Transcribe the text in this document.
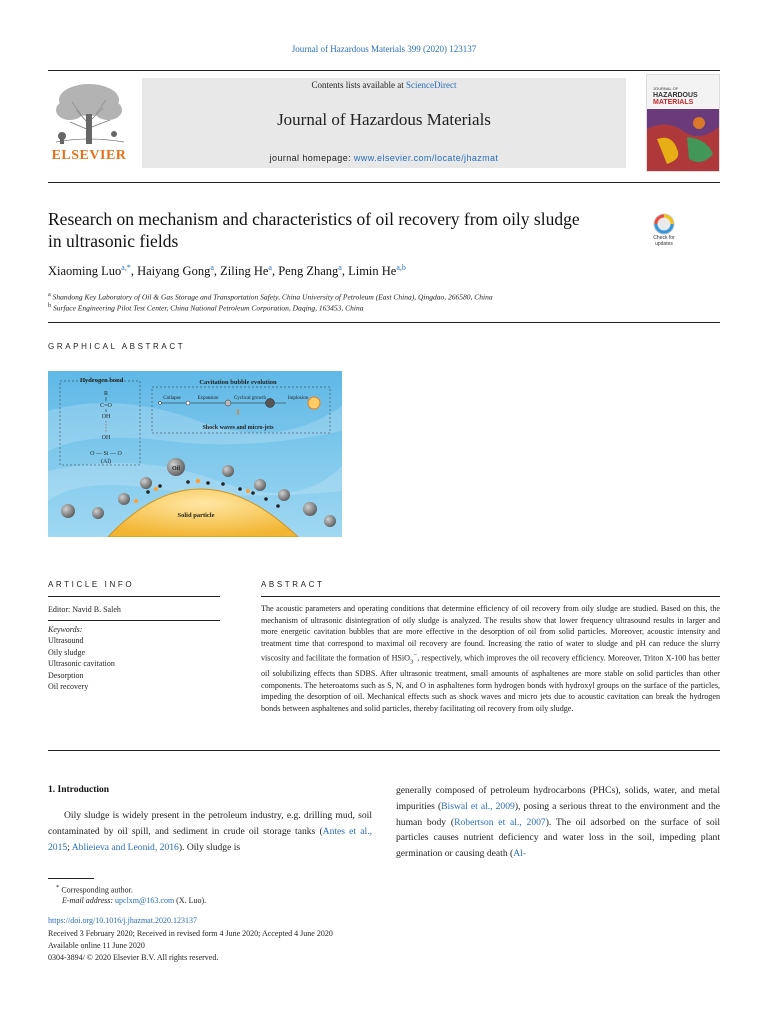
Journal of Hazardous Materials 399 (2020) 123137
ELSEVIER
Contents lists available at ScienceDirect
Journal of Hazardous Materials
journal homepage: www.elsevier.com/locate/jhazmat
JOURNAL OF
HAZARDOUS
MATERIALS
Research on mechanism and characteristics of oil recovery from oily sludge
in ultrasonic fields	Check for
updates
Xiaoming Luo$^{a,*}$, Haiyang Gong$^a$, Ziling He$^a$, Peng Zhang$^a$, Limin He$^{a,b}$
$^a$ Shandong Key Laboratory of Oil & Gas Storage and Transportation Safety, China University of Petroleum (East China), Qingdao, 266580, China
$^b$ Surface Engineering Pilot Test Center, China National Petroleum Corporation, Daqing, 163453, China
GRAPHICAL ABSTRACT
Hydrogen bond
R
C=O
OH
OH
O — Si — O
(Al)
Cavitation bubble evolution
Collapse	Expansion	Cyclical growth	Implosion
Shock waves and micro-jets
Oil
Solid particle
ARTICLE INFO	ABSTRACT
Editor: Navid B. Saleh
Keywords:
Ultrasound
Oily sludge
Ultrasonic cavitation
Desorption
Oil recovery
The acoustic parameters and operating conditions that determine efficiency of oil recovery from oily sludge are studied. Based on this, the mechanism of ultrasonic disintegration of oily sludge is analyzed. The results show that lower frequency ultrasound results in larger and more energetic cavitation bubbles that are more effective in the desorption of oil from solid particles. Moreover, acoustic intensity and treatment time that correspond to maximal oil recovery are found. Increasing the ratio of water to sludge and pH can reduce the slurry viscosity and facilitate the formation of HSiO$_3$−, respectively, which improves the oil recovery efficiency. Moreover, Triton X-100 has better oil solubilizing effects than SDBS. After ultrasonic treatment, small amounts of asphaltenes are more stable on solid particles than other components. The heteroatoms such as S, N, and O in asphaltenes form hydrogen bonds with hydroxyl groups on the surface of the particles, impeding the desorption of oil. Mechanical effects such as shock waves and micro jets due to acoustic cavitation can break the hydrogen bonds between asphaltenes and solid particles, thereby facilitating oil recovery from oily sludge.
1. Introduction
Oily sludge is widely present in the petroleum industry, e.g. drilling mud, soil contaminated by oil spill, and sediment in crude oil storage tanks (Antes et al., 2015; Ablieieva and Leonid, 2016). Oily sludge is
generally composed of petroleum hydrocarbons (PHCs), solids, water, and metal impurities (Biswal et al., 2009), posing a serious threat to the environment and the human body (Robertson et al., 2007). The oil adsorbed on the surface of soil particles causes nutrient deficiency and water loss in the soil, impeding plant germination or causing death (Al-
* Corresponding author.
E-mail address: upclxm@163.com (X. Luo).
https://doi.org/10.1016/j.jhazmat.2020.123137
Received 3 February 2020; Received in revised form 4 June 2020; Accepted 4 June 2020
Available online 11 June 2020
0304-3894/ © 2020 Elsevier B.V. All rights reserved.
